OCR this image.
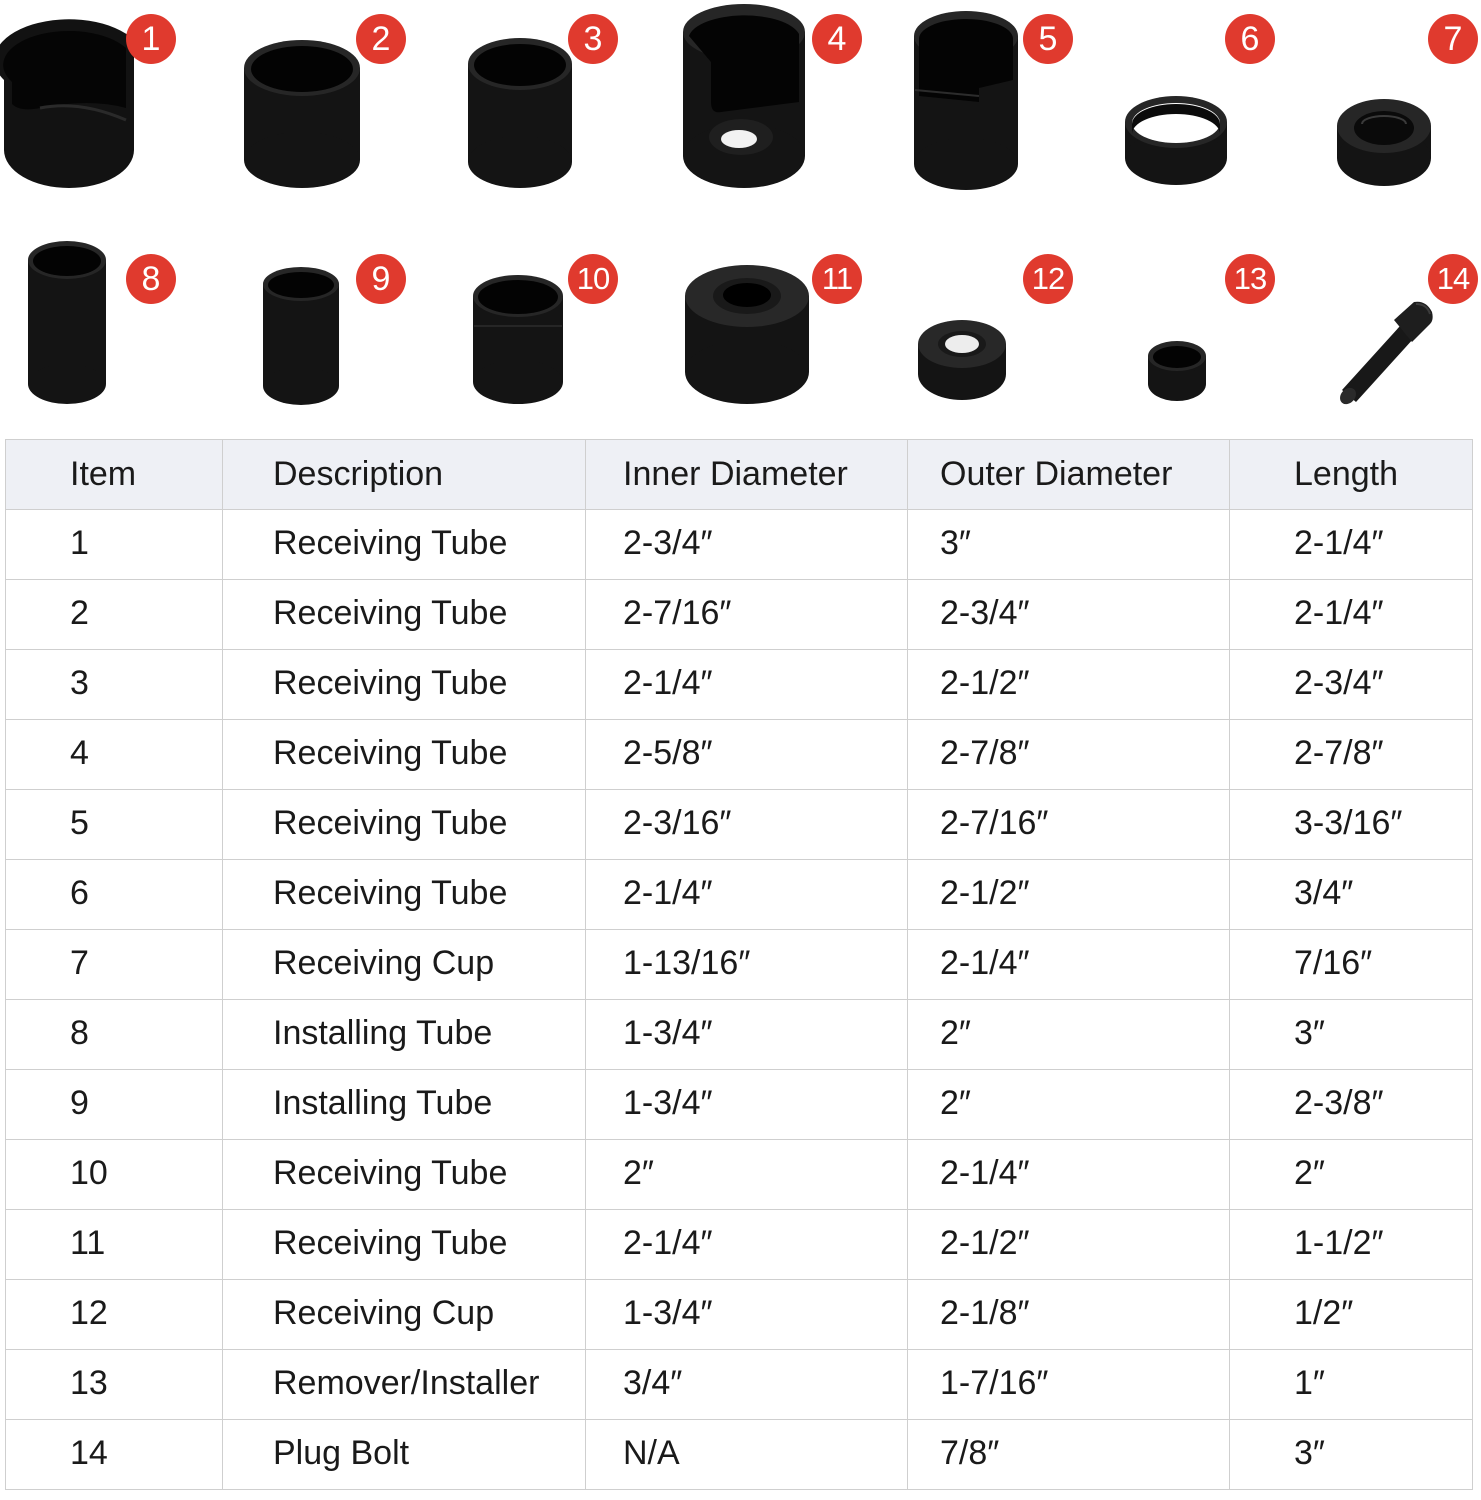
1	2	3	4	5	6	7
8	9	10	11	12	13	14
Item	Description	Inner Diameter	Outer Diameter	Length
1	Receiving Tube	2-3/4″	3″	2-1/4″
2	Receiving Tube	2-7/16″	2-3/4″	2-1/4″
3	Receiving Tube	2-1/4″	2-1/2″	2-3/4″
4	Receiving Tube	2-5/8″	2-7/8″	2-7/8″
5	Receiving Tube	2-3/16″	2-7/16″	3-3/16″
6	Receiving Tube	2-1/4″	2-1/2″	3/4″
7	Receiving Cup	1-13/16″	2-1/4″	7/16″
8	Installing Tube	1-3/4″	2″	3″
9	Installing Tube	1-3/4″	2″	2-3/8″
10	Receiving Tube	2″	2-1/4″	2″
11	Receiving Tube	2-1/4″	2-1/2″	1-1/2″
12	Receiving Cup	1-3/4″	2-1/8″	1/2″
13	Remover/Installer	3/4″	1-7/16″	1″
14	Plug Bolt	N/A	7/8″	3″
